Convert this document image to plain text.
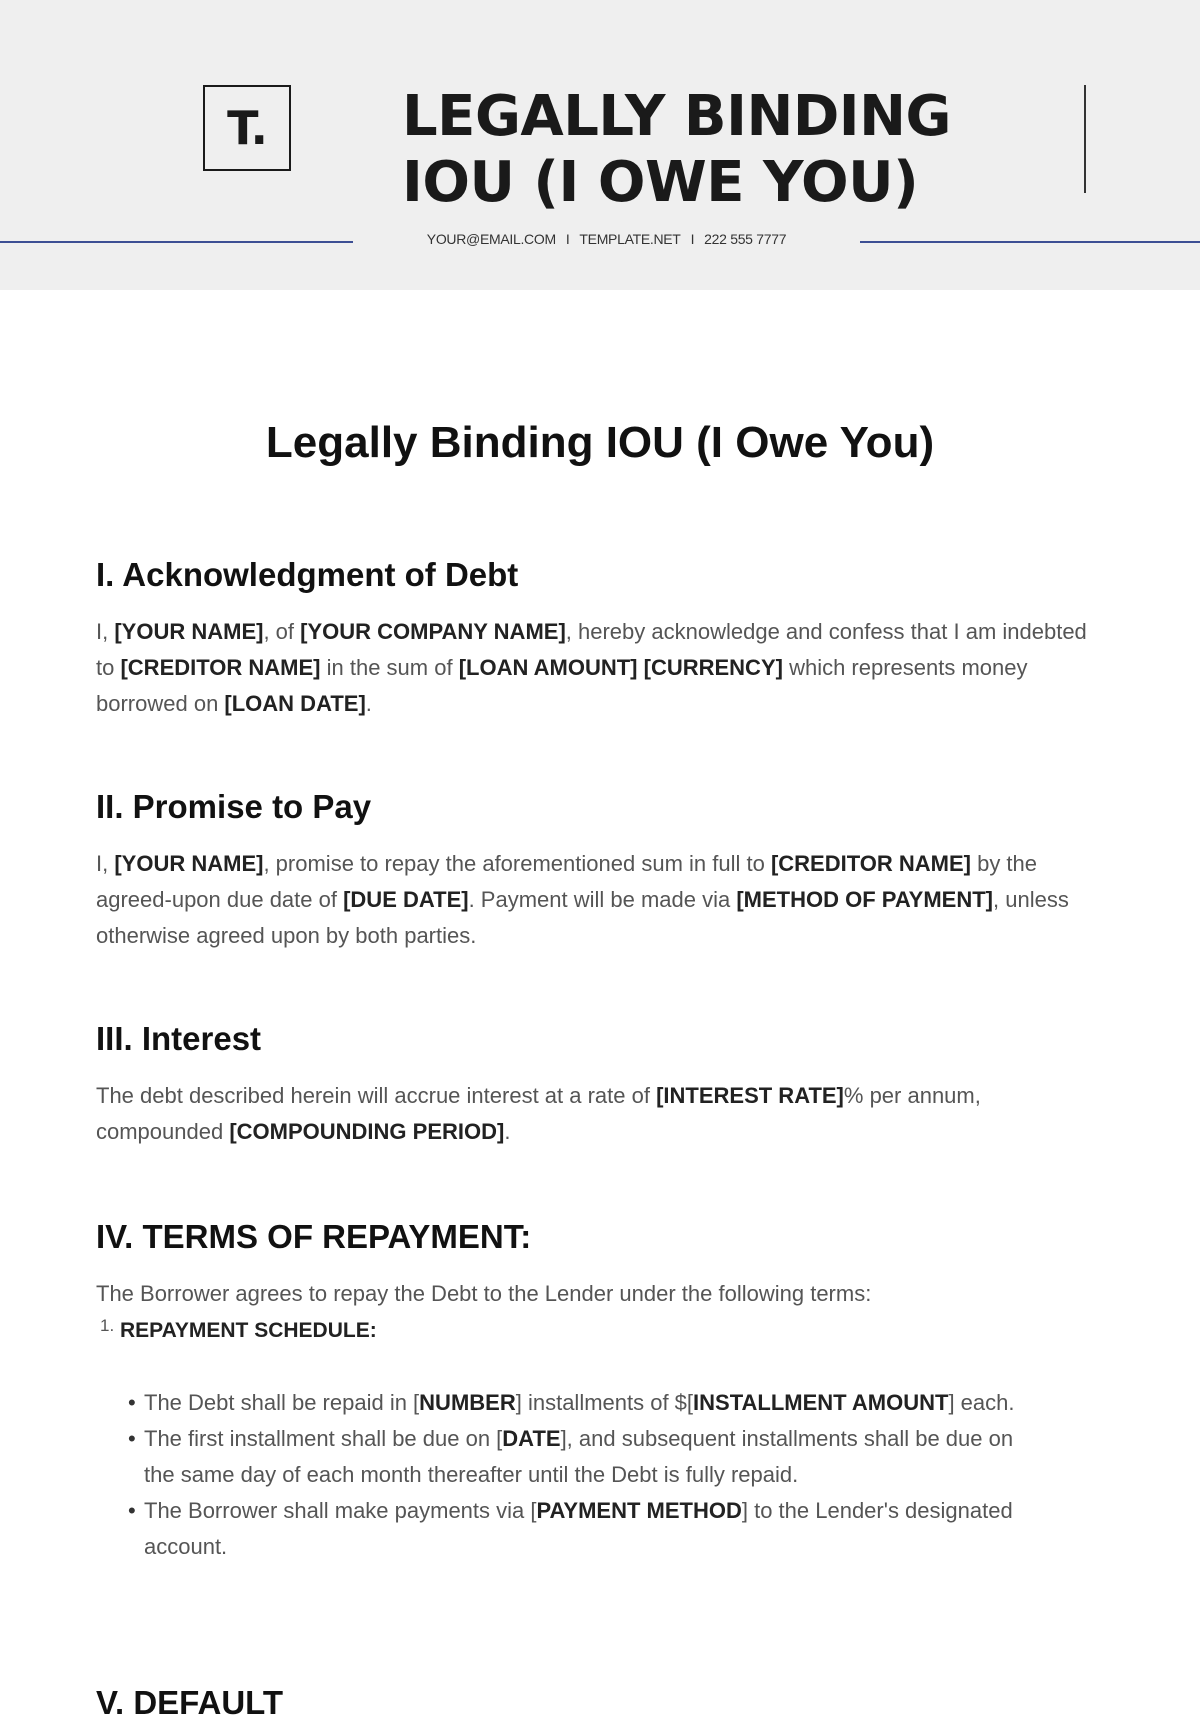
T. LEGALLY BINDING
IOU (I OWE YOU)
YOUR@EMAIL.COM I TEMPLATE.NET I 222 555 7777
Legally Binding IOU (I Owe You)
I. Acknowledgment of Debt

I, [YOUR NAME], of [YOUR COMPANY NAME], hereby acknowledge and confess that I am indebted to [CREDITOR NAME] in the sum of [LOAN AMOUNT] [CURRENCY] which represents money borrowed on [LOAN DATE].

II. Promise to Pay

I, [YOUR NAME], promise to repay the aforementioned sum in full to [CREDITOR NAME] by the agreed-upon due date of [DUE DATE]. Payment will be made via [METHOD OF PAYMENT], unless otherwise agreed upon by both parties.

III. Interest

The debt described herein will accrue interest at a rate of [INTEREST RATE]% per annum, compounded [COMPOUNDING PERIOD].

IV. TERMS OF REPAYMENT:

The Borrower agrees to repay the Debt to the Lender under the following terms:

1. REPAYMENT SCHEDULE:
• The Debt shall be repaid in [NUMBER] installments of $[INSTALLMENT AMOUNT] each.
• The first installment shall be due on [DATE], and subsequent installments shall be due on the same day of each month thereafter until the Debt is fully repaid.
• The Borrower shall make payments via [PAYMENT METHOD] to the Lender's designated account.
V. DEFAULT
